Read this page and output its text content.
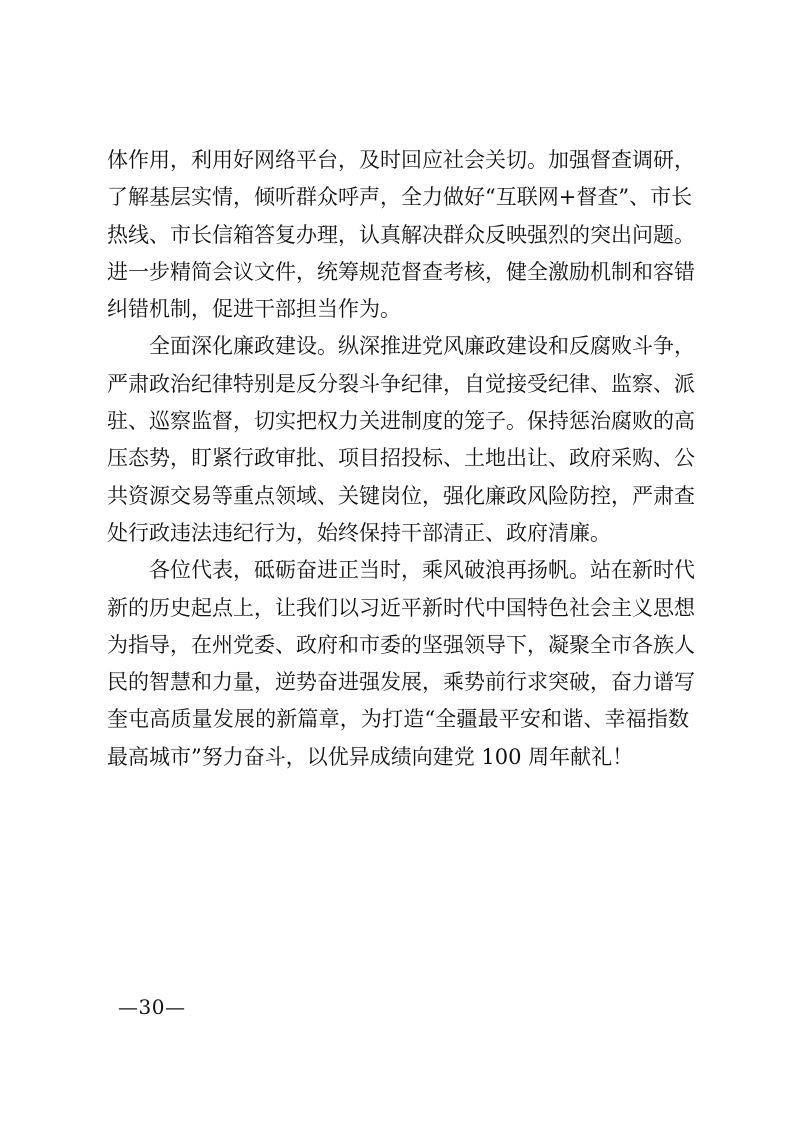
体作用，利用好网络平台，及时回应社会关切。加强督查调研，
了解基层实情，倾听群众呼声，全力做好“互联网+督查”、市长
热线、市长信箱答复办理，认真解决群众反映强烈的突出问题。
进一步精简会议文件，统筹规范督查考核，健全激励机制和容错
纠错机制，促进干部担当作为。
　　全面深化廉政建设。纵深推进党风廉政建设和反腐败斗争，
严肃政治纪律特别是反分裂斗争纪律，自觉接受纪律、监察、派
驻、巡察监督，切实把权力关进制度的笼子。保持惩治腐败的高
压态势，盯紧行政审批、项目招投标、土地出让、政府采购、公
共资源交易等重点领域、关键岗位，强化廉政风险防控，严肃查
处行政违法违纪行为，始终保持干部清正、政府清廉。
　　各位代表，砥砺奋进正当时，乘风破浪再扬帆。站在新时代
新的历史起点上，让我们以习近平新时代中国特色社会主义思想
为指导，在州党委、政府和市委的坚强领导下，凝聚全市各族人
民的智慧和力量，逆势奋进强发展，乘势前行求突破，奋力谱写
奎屯高质量发展的新篇章，为打造“全疆最平安和谐、幸福指数
最高城市”努力奋斗，以优异成绩向建党 100 周年献礼！
—30—
